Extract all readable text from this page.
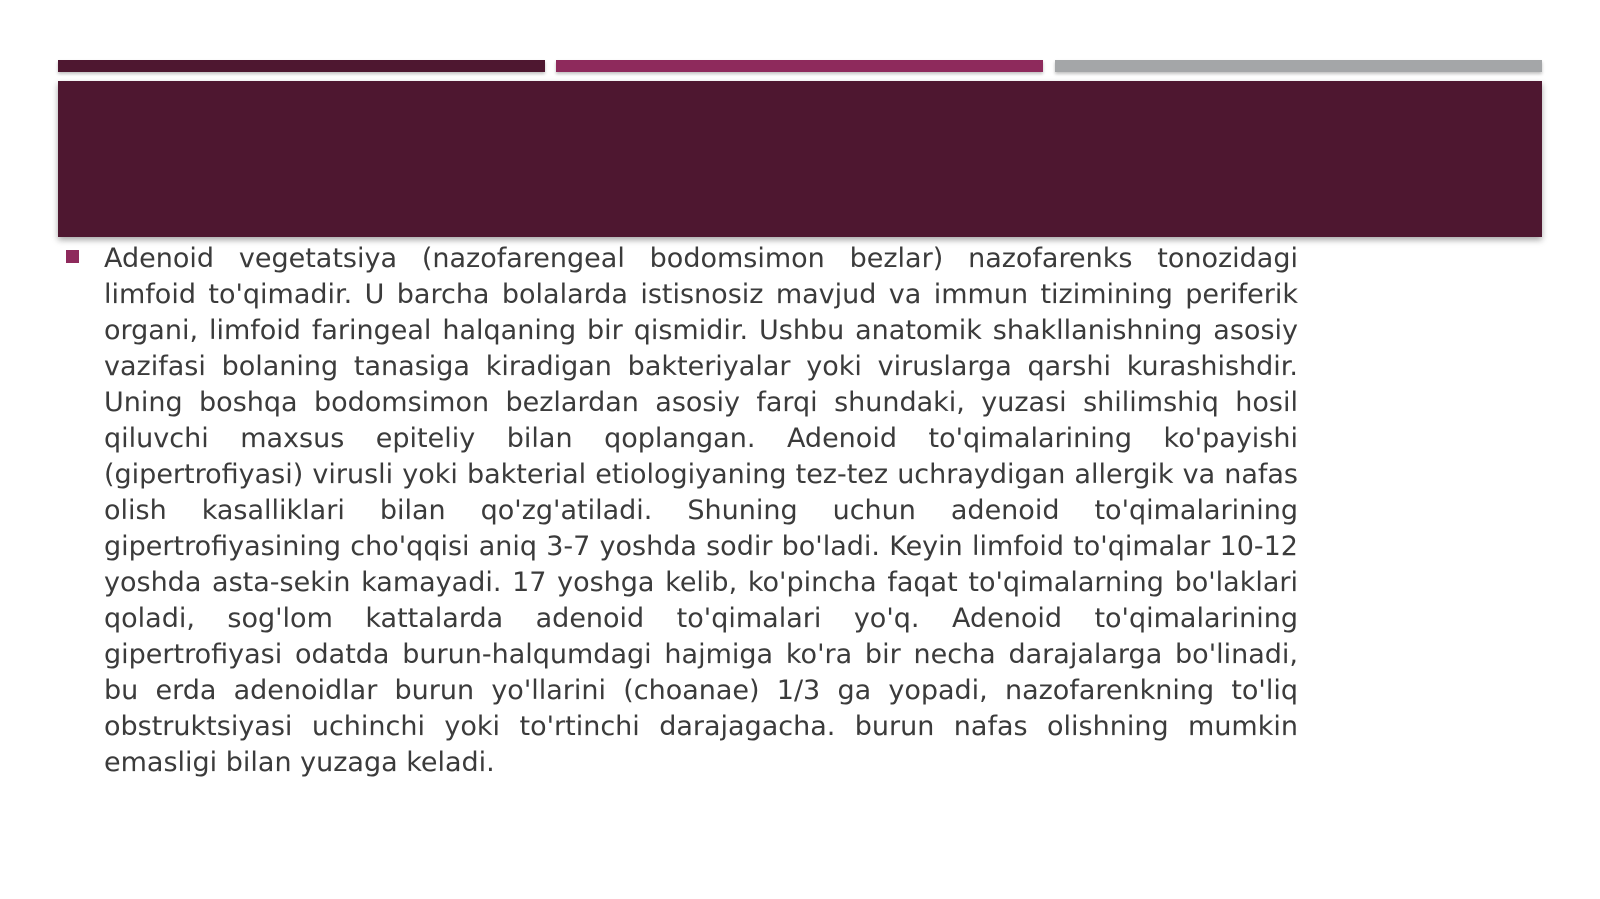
Adenoid vegetatsiya (nazofarengeal bodomsimon bezlar) nazofarenks tonozidagi limfoid to'qimadir. U barcha bolalarda istisnosiz mavjud va immun tizimining periferik organi, limfoid faringeal halqaning bir qismidir. Ushbu anatomik shakllanishning asosiy vazifasi bolaning tanasiga kiradigan bakteriyalar yoki viruslarga qarshi kurashishdir. Uning boshqa bodomsimon bezlardan asosiy farqi shundaki, yuzasi shilimshiq hosil qiluvchi maxsus epiteliy bilan qoplangan. Adenoid to'qimalarining ko'payishi (gipertrofiyasi) virusli yoki bakterial etiologiyaning tez-tez uchraydigan allergik va nafas olish kasalliklari bilan qo'zg'atiladi. Shuning uchun adenoid to'qimalarining gipertrofiyasining cho'qqisi aniq 3-7 yoshda sodir bo'ladi. Keyin limfoid to'qimalar 10-12 yoshda asta-sekin kamayadi. 17 yoshga kelib, ko'pincha faqat to'qimalarning bo'laklari qoladi, sog'lom kattalarda adenoid to'qimalari yo'q. Adenoid to'qimalarining gipertrofiyasi odatda burun-halqumdagi hajmiga ko'ra bir necha darajalarga bo'linadi, bu erda adenoidlar burun yo'llarini (choanae) 1/3 ga yopadi, nazofarenkning to'liq obstruktsiyasi uchinchi yoki to'rtinchi darajagacha. burun nafas olishning mumkin emasligi bilan yuzaga keladi.
